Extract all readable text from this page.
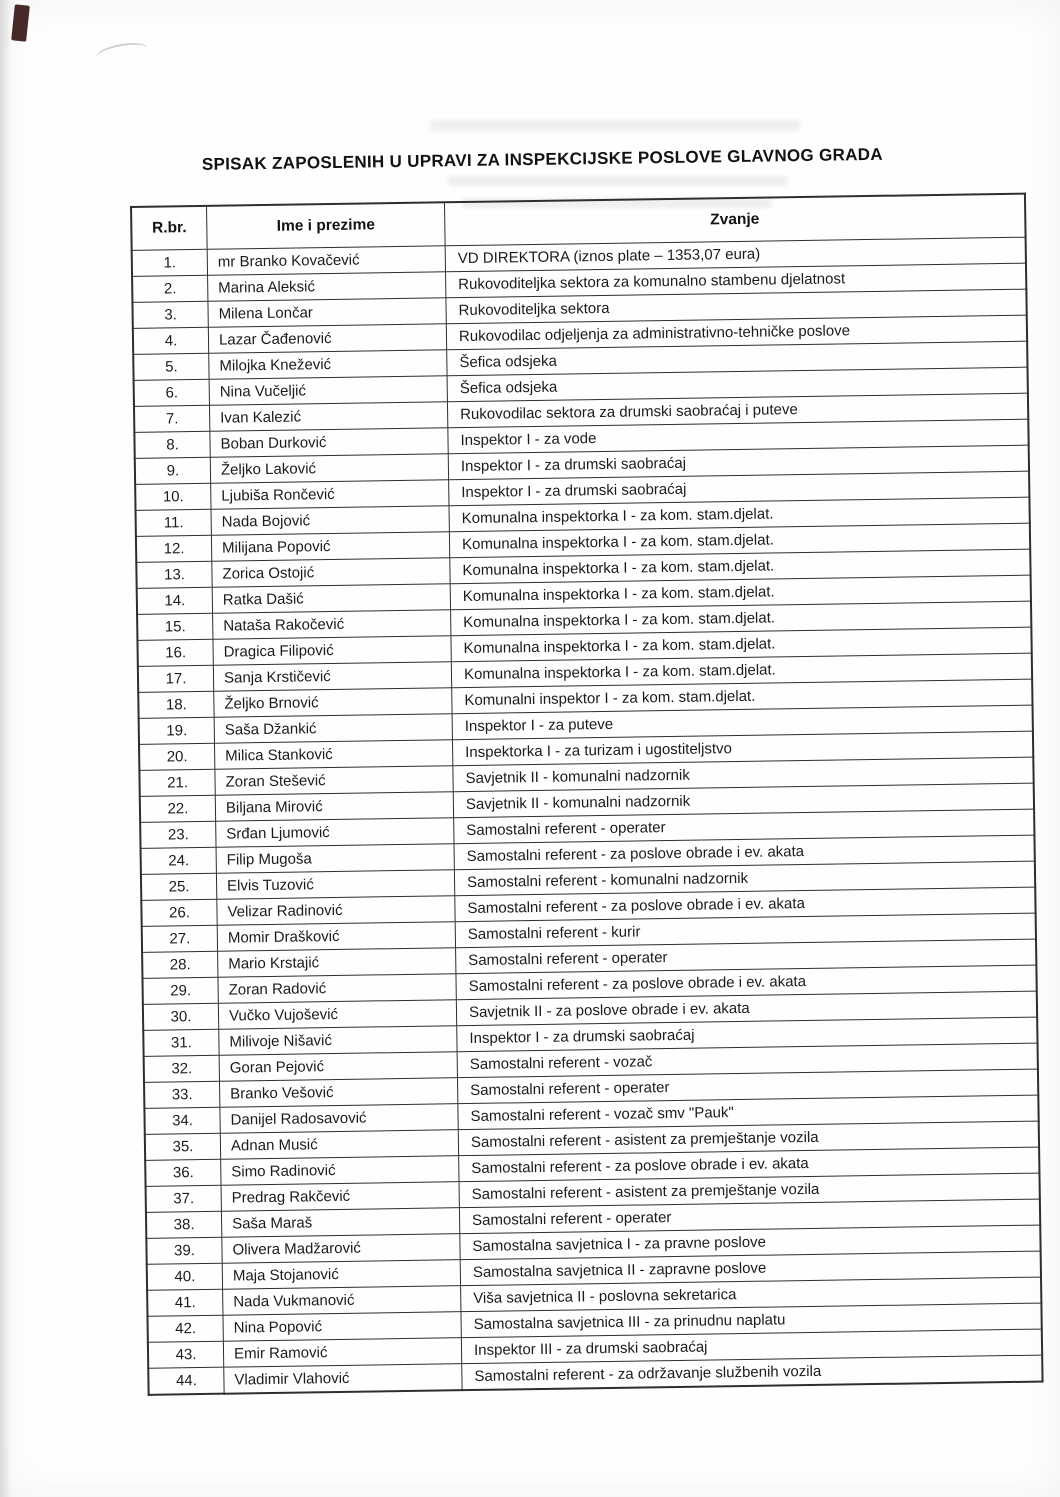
SPISAK ZAPOSLENIH U UPRAVI ZA INSPEKCIJSKE POSLOVE GLAVNOG GRADA
R.br.	Ime i prezime	Zvanje
1.	mr Branko Kovačević	VD DIREKTORA (iznos plate – 1353,07 eura)
2.	Marina Aleksić	Rukovoditeljka sektora za komunalno stambenu djelatnost
3.	Milena Lončar	Rukovoditeljka sektora
4.	Lazar Čađenović	Rukovodilac odjeljenja za administrativno-tehničke poslove
5.	Milojka Knežević	Šefica odsjeka
6.	Nina Vučeljić	Šefica odsjeka
7.	Ivan Kalezić	Rukovodilac sektora za drumski saobraćaj i puteve
8.	Boban Durković	Inspektor I - za vode
9.	Željko Laković	Inspektor I - za drumski saobraćaj
10.	Ljubiša Rončević	Inspektor I - za drumski saobraćaj
11.	Nada Bojović	Komunalna inspektorka I - za kom. stam.djelat.
12.	Milijana Popović	Komunalna inspektorka I - za kom. stam.djelat.
13.	Zorica Ostojić	Komunalna inspektorka I - za kom. stam.djelat.
14.	Ratka Dašić	Komunalna inspektorka I - za kom. stam.djelat.
15.	Nataša Rakočević	Komunalna inspektorka I - za kom. stam.djelat.
16.	Dragica Filipović	Komunalna inspektorka I - za kom. stam.djelat.
17.	Sanja Krstičević	Komunalna inspektorka I - za kom. stam.djelat.
18.	Željko Brnović	Komunalni inspektor I - za kom. stam.djelat.
19.	Saša Džankić	Inspektor I - za puteve
20.	Milica Stanković	Inspektorka I - za turizam i ugostiteljstvo
21.	Zoran Stešević	Savjetnik II - komunalni nadzornik
22.	Biljana Mirović	Savjetnik II - komunalni nadzornik
23.	Srđan Ljumović	Samostalni referent - operater
24.	Filip Mugoša	Samostalni referent - za poslove obrade i ev. akata
25.	Elvis Tuzović	Samostalni referent - komunalni nadzornik
26.	Velizar Radinović	Samostalni referent - za poslove obrade i ev. akata
27.	Momir Drašković	Samostalni referent - kurir
28.	Mario Krstajić	Samostalni referent - operater
29.	Zoran Radović	Samostalni referent - za poslove obrade i ev. akata
30.	Vučko Vujošević	Savjetnik II - za poslove obrade i ev. akata
31.	Milivoje Nišavić	Inspektor I - za drumski saobraćaj
32.	Goran Pejović	Samostalni referent - vozač
33.	Branko Vešović	Samostalni referent - operater
34.	Danijel Radosavović	Samostalni referent - vozač smv "Pauk"
35.	Adnan Musić	Samostalni referent - asistent za premještanje vozila
36.	Simo Radinović	Samostalni referent - za poslove obrade i ev. akata
37.	Predrag Rakčević	Samostalni referent - asistent za premještanje vozila
38.	Saša Maraš	Samostalni referent - operater
39.	Olivera Madžarović	Samostalna savjetnica I - za pravne poslove
40.	Maja Stojanović	Samostalna savjetnica II - zapravne poslove
41.	Nada Vukmanović	Viša savjetnica II - poslovna sekretarica
42.	Nina Popović	Samostalna savjetnica III - za prinudnu naplatu
43.	Emir Ramović	Inspektor III - za drumski saobraćaj
44.	Vladimir Vlahović	Samostalni referent - za održavanje službenih vozila
